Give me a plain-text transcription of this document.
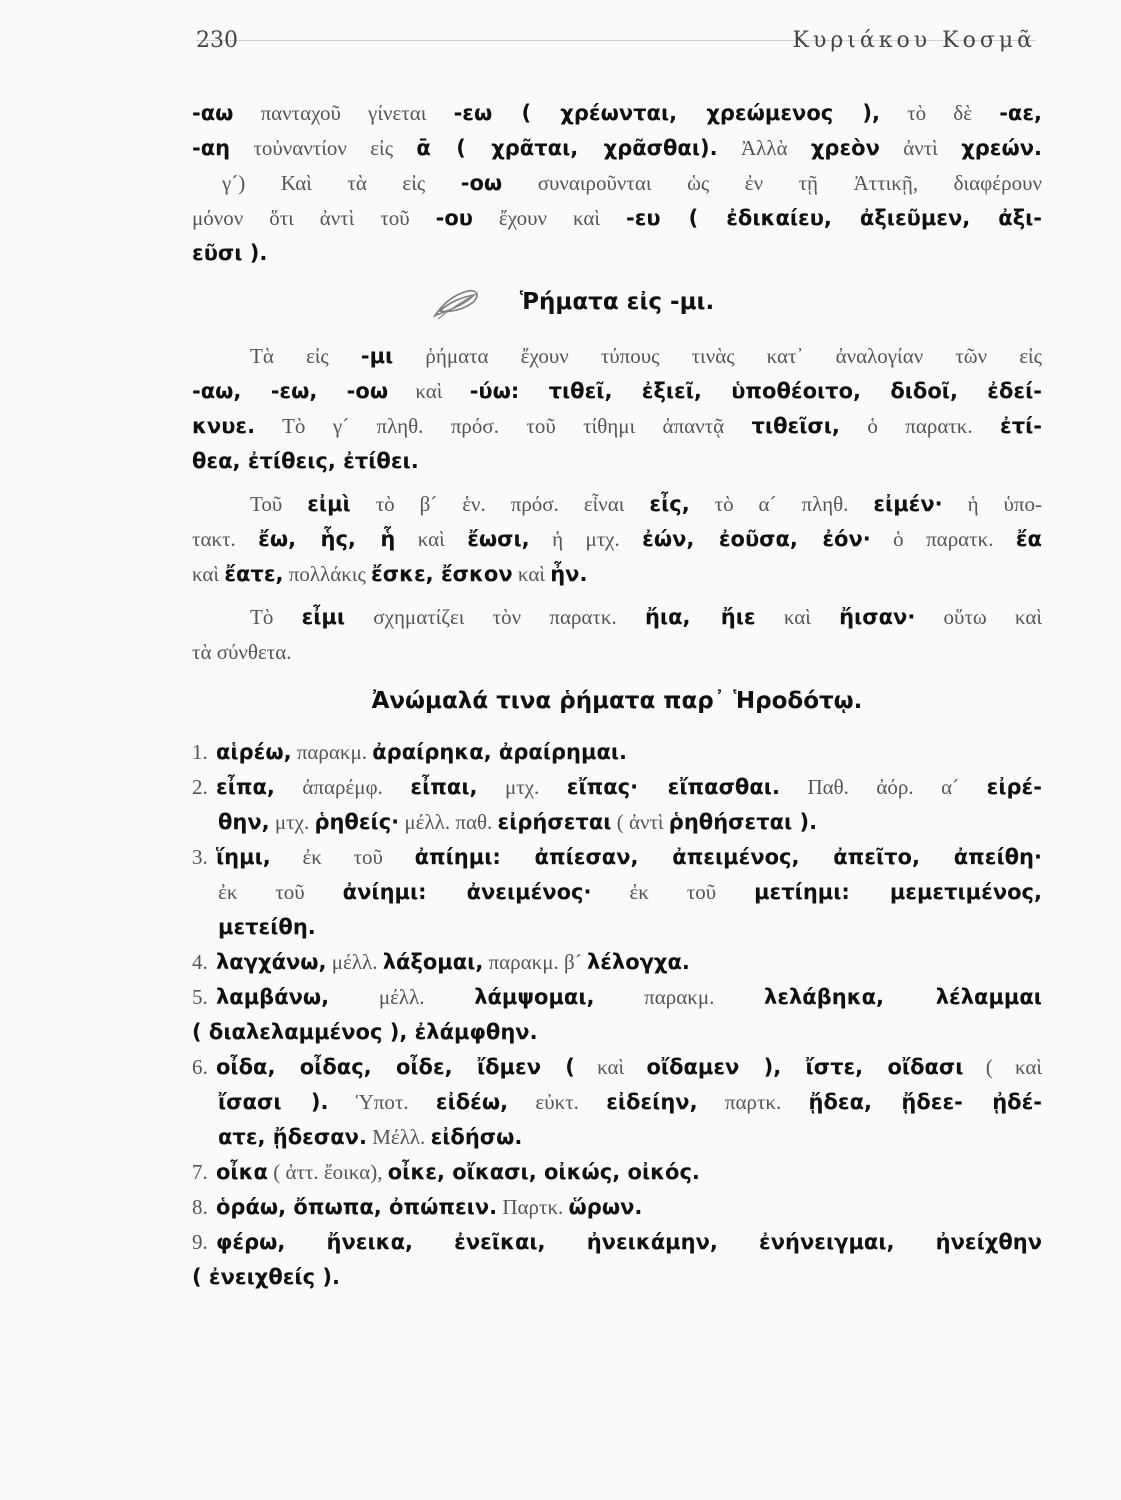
230	Κυριάκου Κοσμᾶ
-αω πανταχοῦ γίνεται -εω ( χρέωνται, χρεώμενος ), τὸ δὲ -αε,
-αη τοὐναντίον εἰς ᾱ ( χρᾶται, χρᾶσθαι). Ἀλλὰ χρεὸν ἀντὶ χρεών.
γ´) Καὶ τὰ εἰς -οω συναιροῦνται ὡς ἐν τῇ Ἀττικῇ, διαφέρουν
μόνον ὅτι ἀντὶ τοῦ -ου ἔχουν καὶ -ευ ( ἐδικαίευ, ἀξιεῦμεν, ἀξι-
εῦσι ).
Ῥήματα εἰς -μι.
Τὰ εἰς -μι ῥήματα ἔχουν τύπους τινὰς κατ᾽ ἀναλογίαν τῶν εἰς
-αω, -εω, -οω καὶ -ύω: τιθεῖ, ἐξιεῖ, ὑποθέοιτο, διδοῖ, ἐδεί-
κνυε. Τὸ γ´ πληθ. πρόσ. τοῦ τίθημι ἀπαντᾷ τιθεῖσι, ὁ παρατκ. ἐτί-
θεα, ἐτίθεις, ἐτίθει.
Τοῦ εἰμὶ τὸ β´ ἑν. πρόσ. εἶναι εἶς, τὸ α´ πληθ. εἰμέν· ἡ ὑπο-
τακτ. ἔω, ἧς, ἧ καὶ ἔωσι, ἡ μτχ. ἐών, ἐοῦσα, ἐόν· ὁ παρατκ. ἔα
καὶ ἔατε, πολλάκις ἔσκε, ἔσκον καὶ ἦν.
Τὸ εἶμι σχηματίζει τὸν παρατκ. ἤια, ἤιε καὶ ἤισαν· οὕτω καὶ
τὰ σύνθετα.
Ἀνώμαλά τινα ῥήματα παρ᾽ Ἡροδότῳ.
1. αἱρέω, παρακμ. ἀραίρηκα, ἀραίρημαι.
2. εἶπα, ἀπαρέμφ. εἶπαι, μτχ. εἴπας· εἴπασθαι. Παθ. ἀόρ. α´ εἰρέ-
θην, μτχ. ῥηθείς· μέλλ. παθ. εἰρήσεται ( ἀντὶ ῥηθήσεται ).
3. ἵημι, ἐκ τοῦ ἀπίημι: ἀπίεσαν, ἀπειμένος, ἀπεῖτο, ἀπείθη·
ἐκ τοῦ ἀνίημι: ἀνειμένος· ἐκ τοῦ μετίημι: μεμετιμένος,
μετείθη.
4. λαγχάνω, μέλλ. λάξομαι, παρακμ. β´ λέλογχα.
5. λαμβάνω, μέλλ. λάμψομαι, παρακμ. λελάβηκα, λέλαμμαι
( διαλελαμμένος ), ἐλάμφθην.
6. οἶδα, οἶδας, οἶδε, ἴδμεν ( καὶ οἴδαμεν ), ἴστε, οἴδασι ( καὶ
ἴσασι ). Ὑποτ. εἰδέω, εὐκτ. εἰδείην, παρτκ. ᾔδεα, ᾔδεε- ᾐδέ-
ατε, ᾔδεσαν. Μέλλ. εἰδήσω.
7. οἶκα ( ἀττ. ἔοικα), οἶκε, οἴκασι, οἰκώς, οἰκός.
8. ὁράω, ὄπωπα, ὀπώπειν. Παρτκ. ὥρων.
9. φέρω, ἤνεικα, ἐνεῖκαι, ἠνεικάμην, ἐνήνειγμαι, ἠνείχθην
( ἐνειχθείς ).
